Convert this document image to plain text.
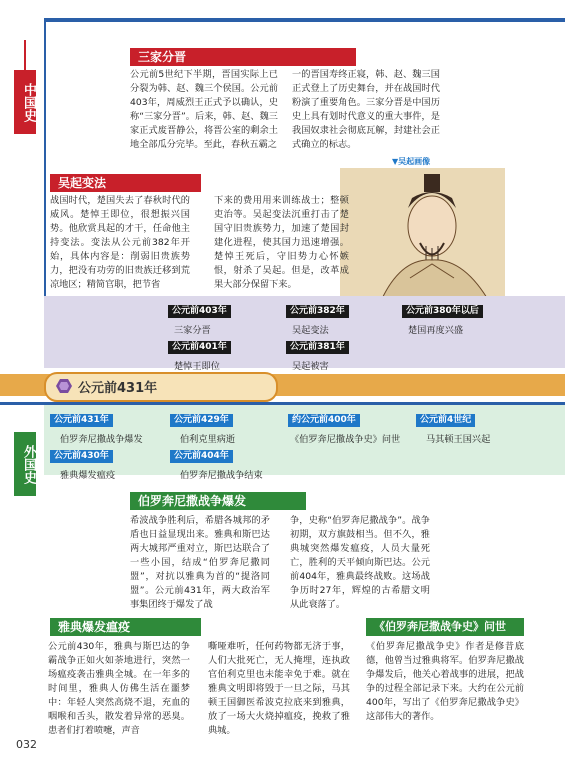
中国史
三家分晋
公元前5世纪下半期，晋国实际上已分裂为韩、赵、魏三个侯国。公元前403年，周威烈王正式予以确认，史称“三家分晋”。后来，韩、赵、魏三家正式废晋静公，将晋公室的剩余土地全部瓜分完毕。至此，春秋五霸之
一的晋国寿终正寝，韩、赵、魏三国正式登上了历史舞台，并在战国时代粉演了重要角色。三家分晋是中国历史上具有划时代意义的重大事件，是我国奴隶社会彻底瓦解，封建社会正式确立的标志。
▼吴起画像
吴起变法
战国时代，楚国失去了春秋时代的威风。楚悼王即位，很想振兴国势。他欣赏具起的才干，任命他主持变法。变法从公元前382年开始，具体内容是：削弱旧贵族势力，把没有功劳的旧贵族迁移到荒凉地区；精简官职，把节省
下来的费用用来训练战士；整顿吏治等。吴起变法沉重打击了楚国守旧贵族势力，加速了楚国封建化进程，使其国力迅速增强。楚悼王死后，守旧势力心怀嫉恨，射杀了吴起。但是，改革成果大部分保留下来。
公元前403年
三家分晋
公元前382年
吴起变法
公元前380年以后
楚国再度兴盛
公元前401年
楚悼王即位
公元前381年
吴起被害
公元前431年
外国史
公元前431年
伯罗奔尼撒战争爆发
公元前429年
伯利克里病逝
约公元前400年
《伯罗奔尼撒战争史》问世
公元前4世纪
马其顿王国兴起
公元前430年
雅典爆发瘟疫
公元前404年
伯罗奔尼撒战争结束
伯罗奔尼撒战争爆发
希波战争胜利后，希腊各城邦的矛盾也日益显现出来。雅典和斯巴达两大城邦严重对立，斯巴达联合了一些小国，结成“伯罗奔尼撒同盟”，对抗以雅典为首的“提洛同盟”。公元前431年，两大政治军事集团终于爆发了战
争，史称“伯罗奔尼撒战争”。战争初期，双方旗鼓相当。但不久，雅典城突然爆发瘟疫，人员大量死亡，胜利的天平倾向斯巴达。公元前404年，雅典最终战败。这场战争历时27年，辉煌的古希腊文明从此衰落了。
雅典爆发瘟疫
公元前430年，雅典与斯巴达的争霸战争正如火如荼地进行，突然一场瘟疫袭击雅典全城。在一年多的时间里，雅典人仿佛生活在噩梦中：年轻人突然高烧不退，充血的咽喉和舌头，散发着异常的恶臭。患者们打着喷嚏，声音
嘶哑难听，任何药物都无济于事，人们大批死亡，无人掩埋，连执政官伯利克里也未能幸免于难。就在雅典文明即将毁于一旦之际，马其顿王国御医希波克拉底来到雅典，放了一场大火烧掉瘟疫，挽救了雅典城。
《伯罗奔尼撒战争史》问世
《伯罗奔尼撒战争史》作者是修昔底德，他曾当过雅典将军。伯罗奔尼撒战争爆发后，他关心着战事的进展，把战争的过程全部记录下来。大约在公元前400年，写出了《伯罗奔尼撒战争史》这部伟大的著作。
032
